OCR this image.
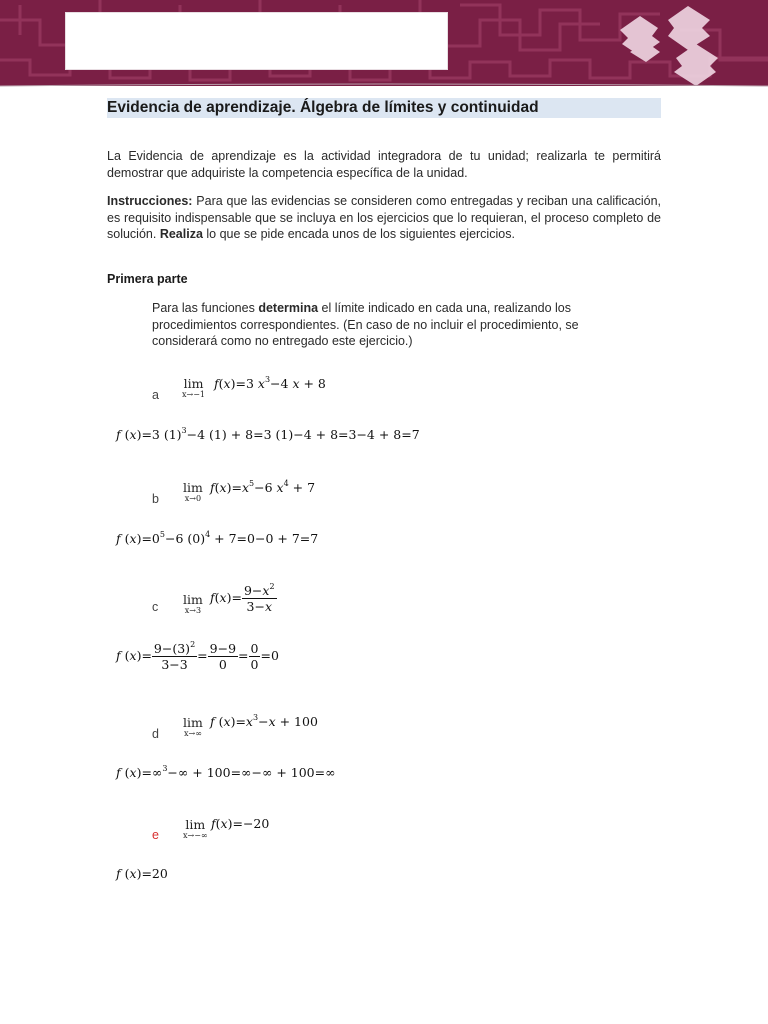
Evidencia de aprendizaje. Álgebra de límites y continuidad
La Evidencia de aprendizaje es la actividad integradora de tu unidad; realizarla te permitirá demostrar que adquiriste la competencia específica de la unidad.
Instrucciones: Para que las evidencias se consideren como entregadas y reciban una calificación, es requisito indispensable que se incluya en los ejercicios que lo requieran, el proceso completo de solución. Realiza lo que se pide encada unos de los siguientes ejercicios.
Primera parte
Para las funciones determina el límite indicado en cada una, realizando los procedimientos correspondientes. (En caso de no incluir el procedimiento, se considerará como no entregado este ejercicio.)
a
lim
x→−1
f(x)=3 $x^3-4$ x + 8
f (x)=3 $(1)^3-4$ (1) + 8=3 (1)−4 + 8=3−4 + 8=7
b
lim
x→0
$f(x)=x^5-6$ $x^4 + 7$
f $(x)=0^5-6$ $(0)^4 + 7=0-0 + 7=7$
c lim
x→3
$f(x)= \frac{9-x^2}{3-x}$
f $(x)= \frac{9-(3)^2}{3-3} = \frac{9-9}{0} = \frac{0}{0} =0$
d
lim
x→∞
f $(x)=x^3-x + 100$
f (x)=∞$^3$−∞ + 100=∞−∞ + 100=∞
e
lim
x→−∞
f(x)=−20
f (x)=20
